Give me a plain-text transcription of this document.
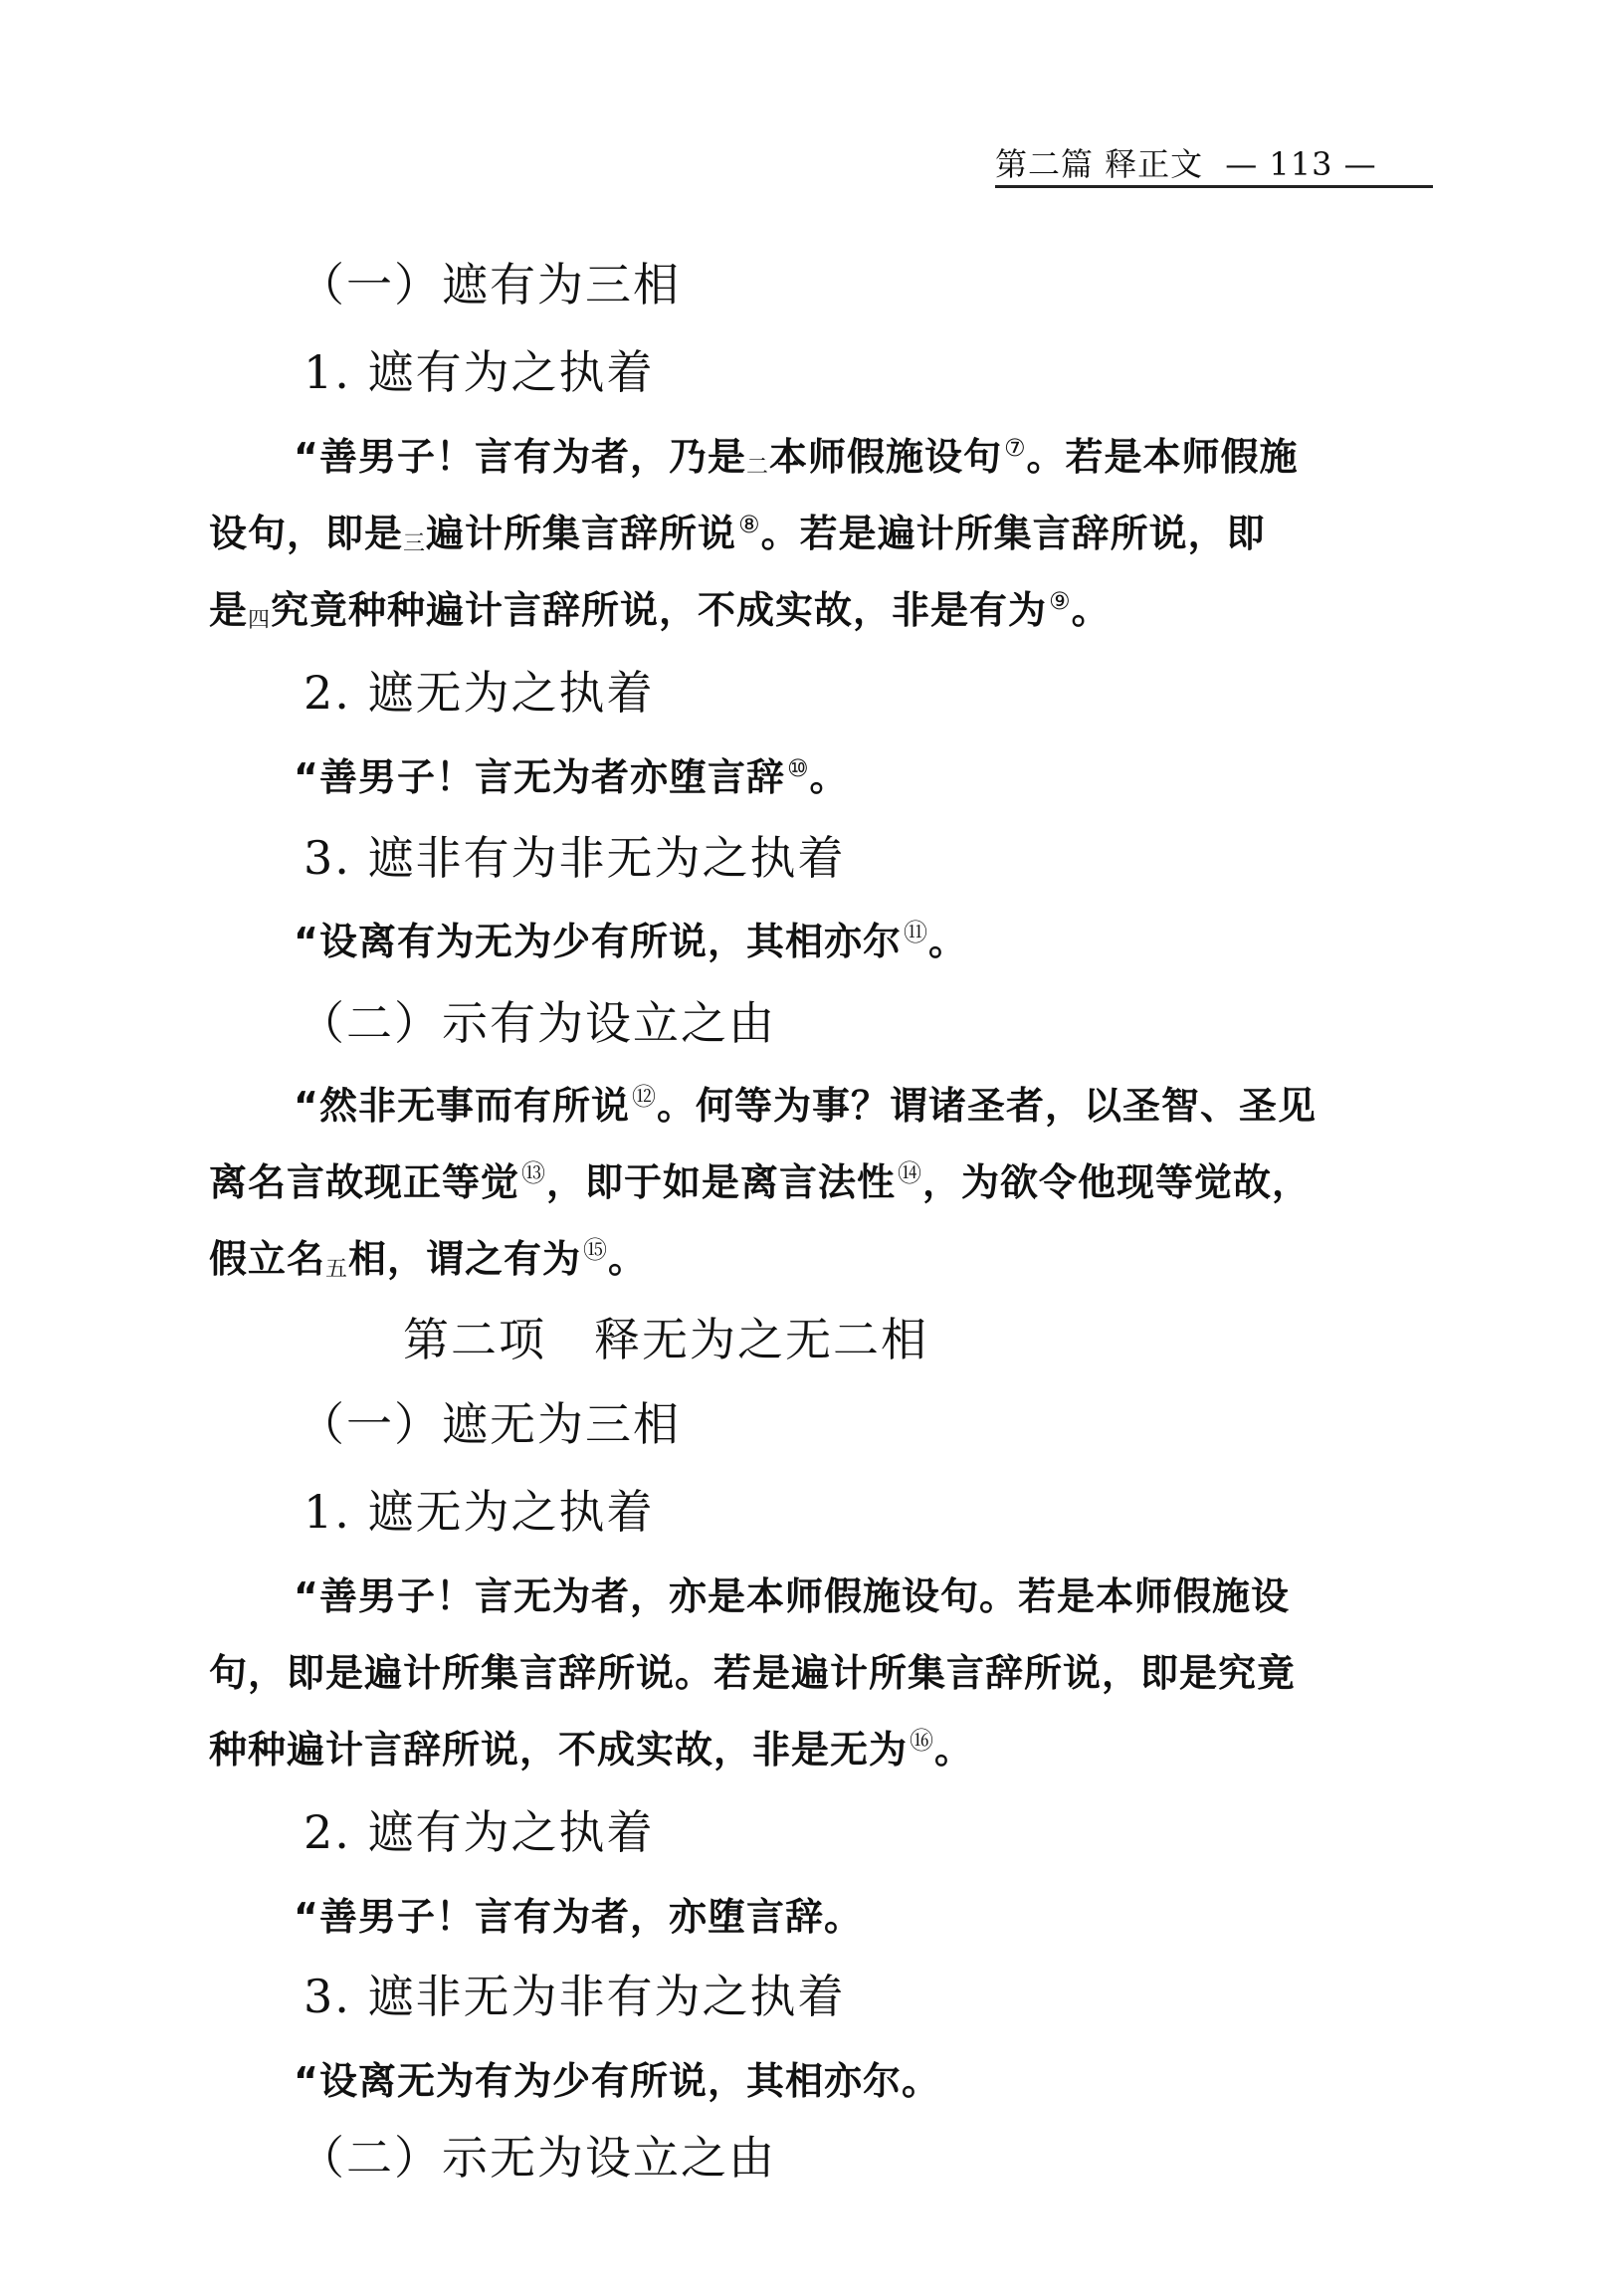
第二篇 释正文 — 113 —
（一）遮有为三相
1. 遮有为之执着
“善男子！言有为者，乃是二本师假施设句⑦。若是本师假施
设句，即是三遍计所集言辞所说⑧。若是遍计所集言辞所说，即
是四究竟种种遍计言辞所说，不成实故，非是有为⑨。
2. 遮无为之执着
“善男子！言无为者亦堕言辞⑩。
3. 遮非有为非无为之执着
“设离有为无为少有所说，其相亦尔⑪。
（二）示有为设立之由
“然非无事而有所说⑫。何等为事？谓诸圣者，以圣智、圣见
离名言故现正等觉⑬，即于如是离言法性⑭，为欲令他现等觉故，
假立名五相，谓之有为⑮。
第二项　释无为之无二相
（一）遮无为三相
1. 遮无为之执着
“善男子！言无为者，亦是本师假施设句。若是本师假施设
句，即是遍计所集言辞所说。若是遍计所集言辞所说，即是究竟
种种遍计言辞所说，不成实故，非是无为⑯。
2. 遮有为之执着
“善男子！言有为者，亦堕言辞。
3. 遮非无为非有为之执着
“设离无为有为少有所说，其相亦尔。
（二）示无为设立之由
